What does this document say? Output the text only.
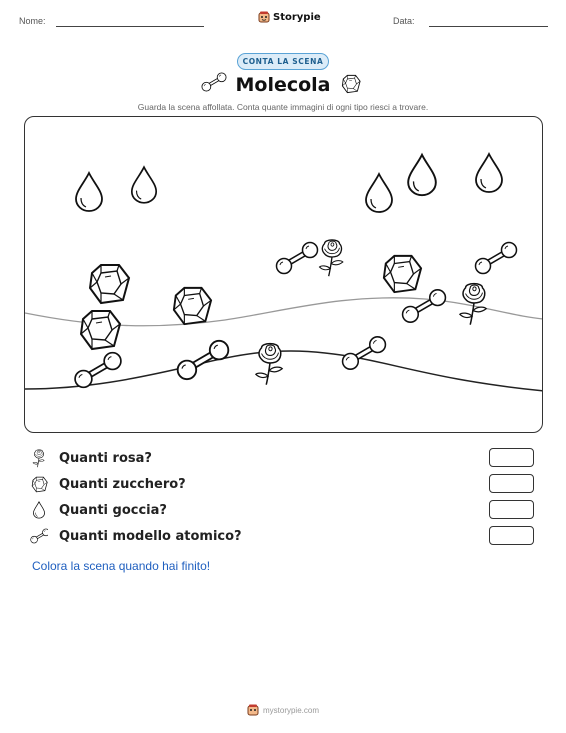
Nome:	Storypie	Data:
CONTA LA SCENA
Molecola
Guarda la scena affollata. Conta quante immagini di ogni tipo riesci a trovare.
Quanti rosa?
Quanti zucchero?
Quanti goccia?
Quanti modello atomico?
Colora la scena quando hai finito!
mystorypie.com
